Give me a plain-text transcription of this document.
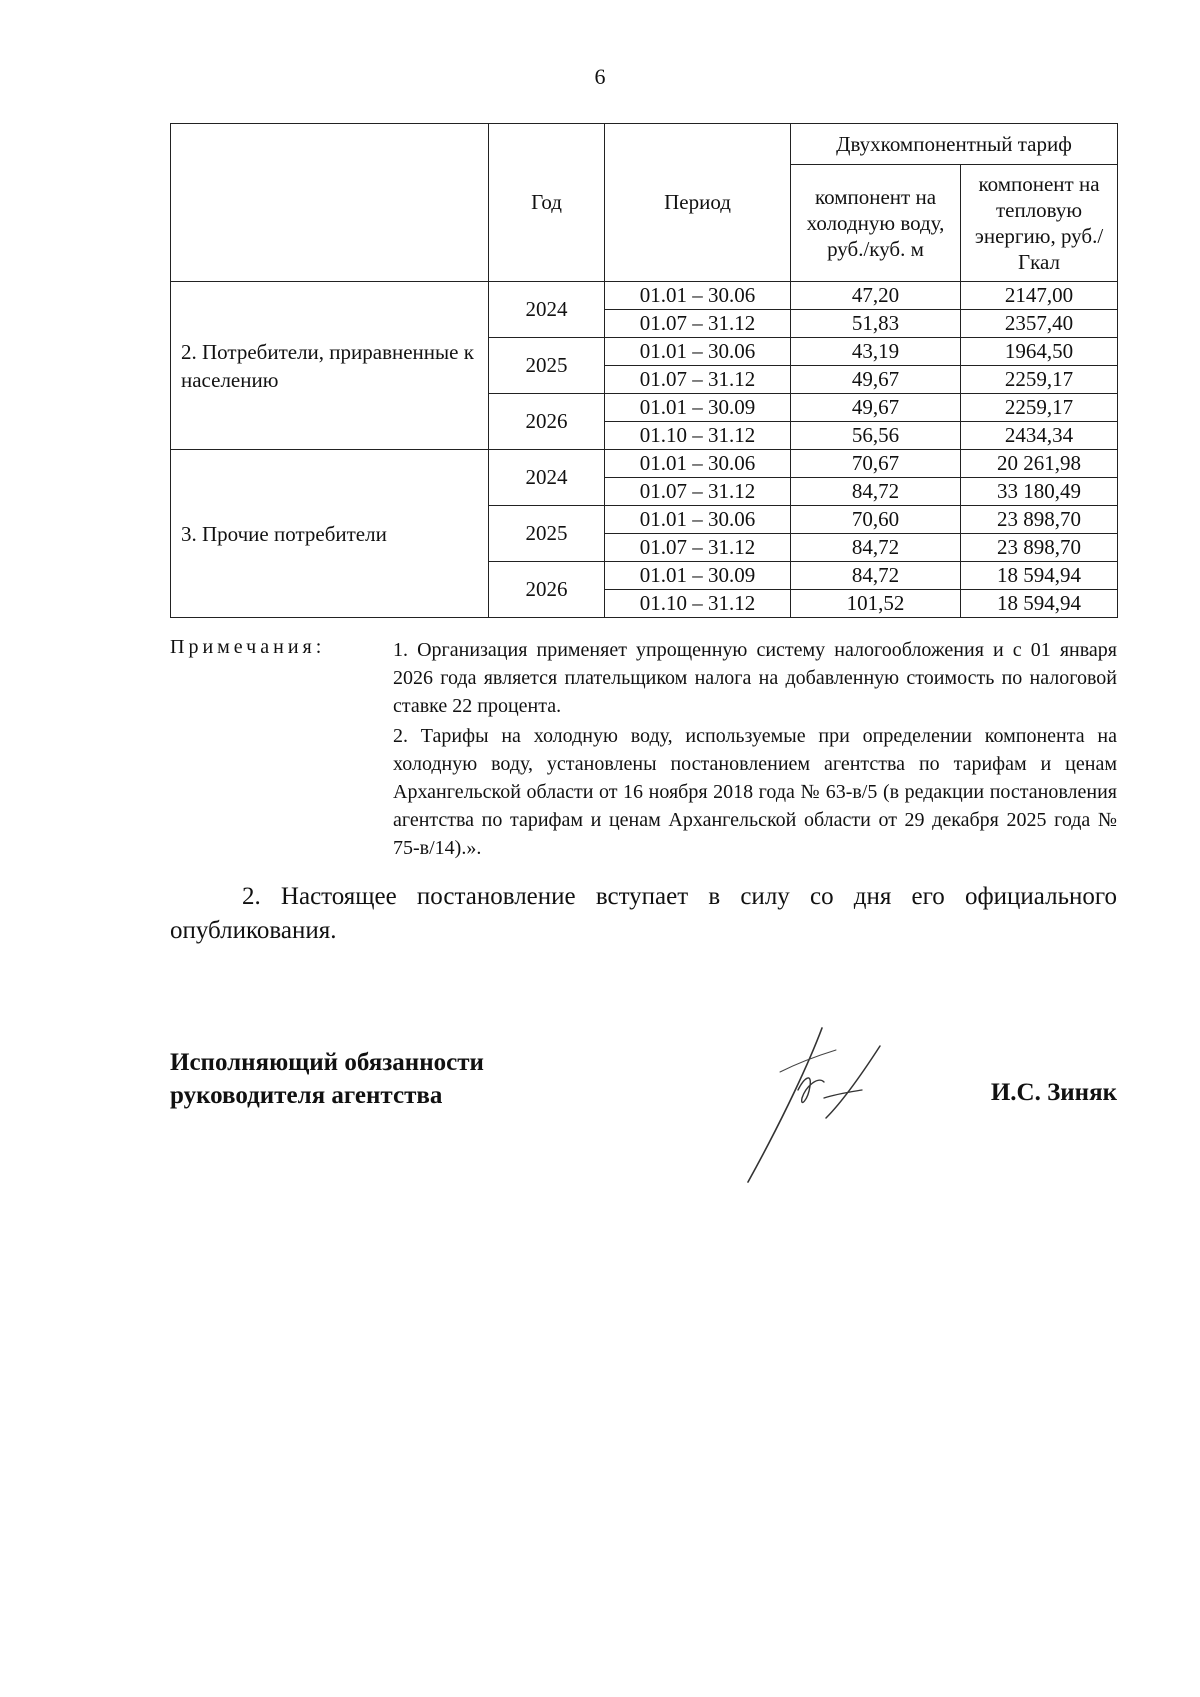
6
	Год	Период	Двухкомпонентный тариф	
			компонент на холодную воду, руб./куб. м	компонент на тепловую энергию, руб./Гкал
2. Потребители, приравненные к населению	2024	01.01 – 30.06	47,20	2147,00
		01.07 – 31.12	51,83	2357,40
	2025	01.01 – 30.06	43,19	1964,50
		01.07 – 31.12	49,67	2259,17
	2026	01.01 – 30.09	49,67	2259,17
		01.10 – 31.12	56,56	2434,34
3. Прочие потребители	2024	01.01 – 30.06	70,67	20 261,98
		01.07 – 31.12	84,72	33 180,49
	2025	01.01 – 30.06	70,60	23 898,70
		01.07 – 31.12	84,72	23 898,70
	2026	01.01 – 30.09	84,72	18 594,94
		01.10 – 31.12	101,52	18 594,94
Примечания:	1. Организация применяет упрощенную систему налогообложения и с 01 января 2026 года является плательщиком налога на добавленную стоимость по налоговой ставке 22 процента.
2. Тарифы на холодную воду, используемые при определении компонента на холодную воду, установлены постановлением агентства по тарифам и ценам Архангельской области от 16 ноября 2018 года № 63-в/5 (в редакции постановления агентства по тарифам и ценам Архангельской области от 29 декабря 2025 года № 75-в/14).».
2. Настоящее постановление вступает в силу со дня его официального опубликования.
Исполняющий обязанности
руководителя агентства	И.С. Зиняк
